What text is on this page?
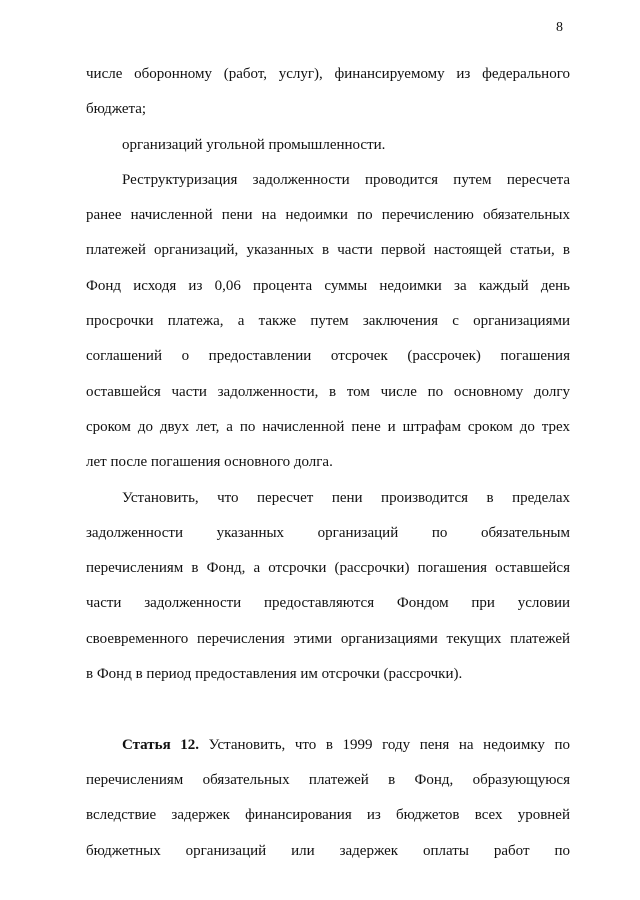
8
числе оборонному (работ, услуг), финансируемому из федерального
бюджета;
организаций угольной промышленности.
Реструктуризация задолженности проводится путем пересчета
ранее начисленной пени на недоимки по перечислению обязательных
платежей организаций, указанных в части первой настоящей статьи, в
Фонд исходя из 0,06 процента суммы недоимки за каждый день
просрочки платежа, а также путем заключения с организациями
соглашений о предоставлении отсрочек (рассрочек) погашения
оставшейся части задолженности, в том числе по основному долгу
сроком до двух лет, а по начисленной пене и штрафам сроком до трех
лет после погашения основного долга.
Установить, что пересчет пени производится в пределах
задолженности указанных организаций по обязательным
перечислениям в Фонд, а отсрочки (рассрочки) погашения оставшейся
части задолженности предоставляются Фондом при условии
своевременного перечисления этими организациями текущих платежей
в Фонд в период предоставления им отсрочки (рассрочки).
Статья 12. Установить, что в 1999 году пеня на недоимку по
перечислениям обязательных платежей в Фонд, образующуюся
вследствие задержек финансирования из бюджетов всех уровней
бюджетных организаций или задержек оплаты работ по
